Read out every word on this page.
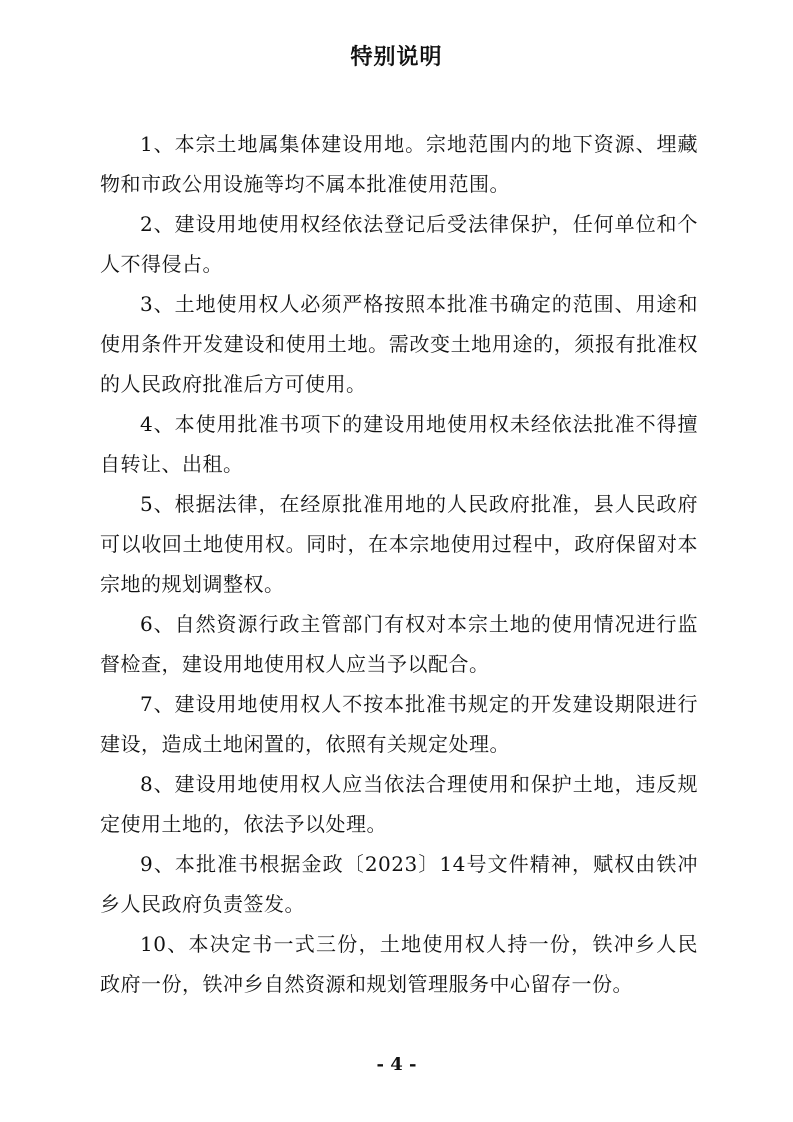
特别说明

1、本宗土地属集体建设用地。宗地范围内的地下资源、埋藏物和市政公用设施等均不属本批准使用范围。

2、建设用地使用权经依法登记后受法律保护，任何单位和个人不得侵占。

3、土地使用权人必须严格按照本批准书确定的范围、用途和使用条件开发建设和使用土地。需改变土地用途的，须报有批准权的人民政府批准后方可使用。

4、本使用批准书项下的建设用地使用权未经依法批准不得擅自转让、出租。

5、根据法律，在经原批准用地的人民政府批准，县人民政府可以收回土地使用权。同时，在本宗地使用过程中，政府保留对本宗地的规划调整权。

6、自然资源行政主管部门有权对本宗土地的使用情况进行监督检查，建设用地使用权人应当予以配合。

7、建设用地使用权人不按本批准书规定的开发建设期限进行建设，造成土地闲置的，依照有关规定处理。

8、建设用地使用权人应当依法合理使用和保护土地，违反规定使用土地的，依法予以处理。

9、本批准书根据金政〔2023〕14号文件精神，赋权由铁冲乡人民政府负责签发。

10、本决定书一式三份，土地使用权人持一份，铁冲乡人民政府一份，铁冲乡自然资源和规划管理服务中心留存一份。

- 4 -
